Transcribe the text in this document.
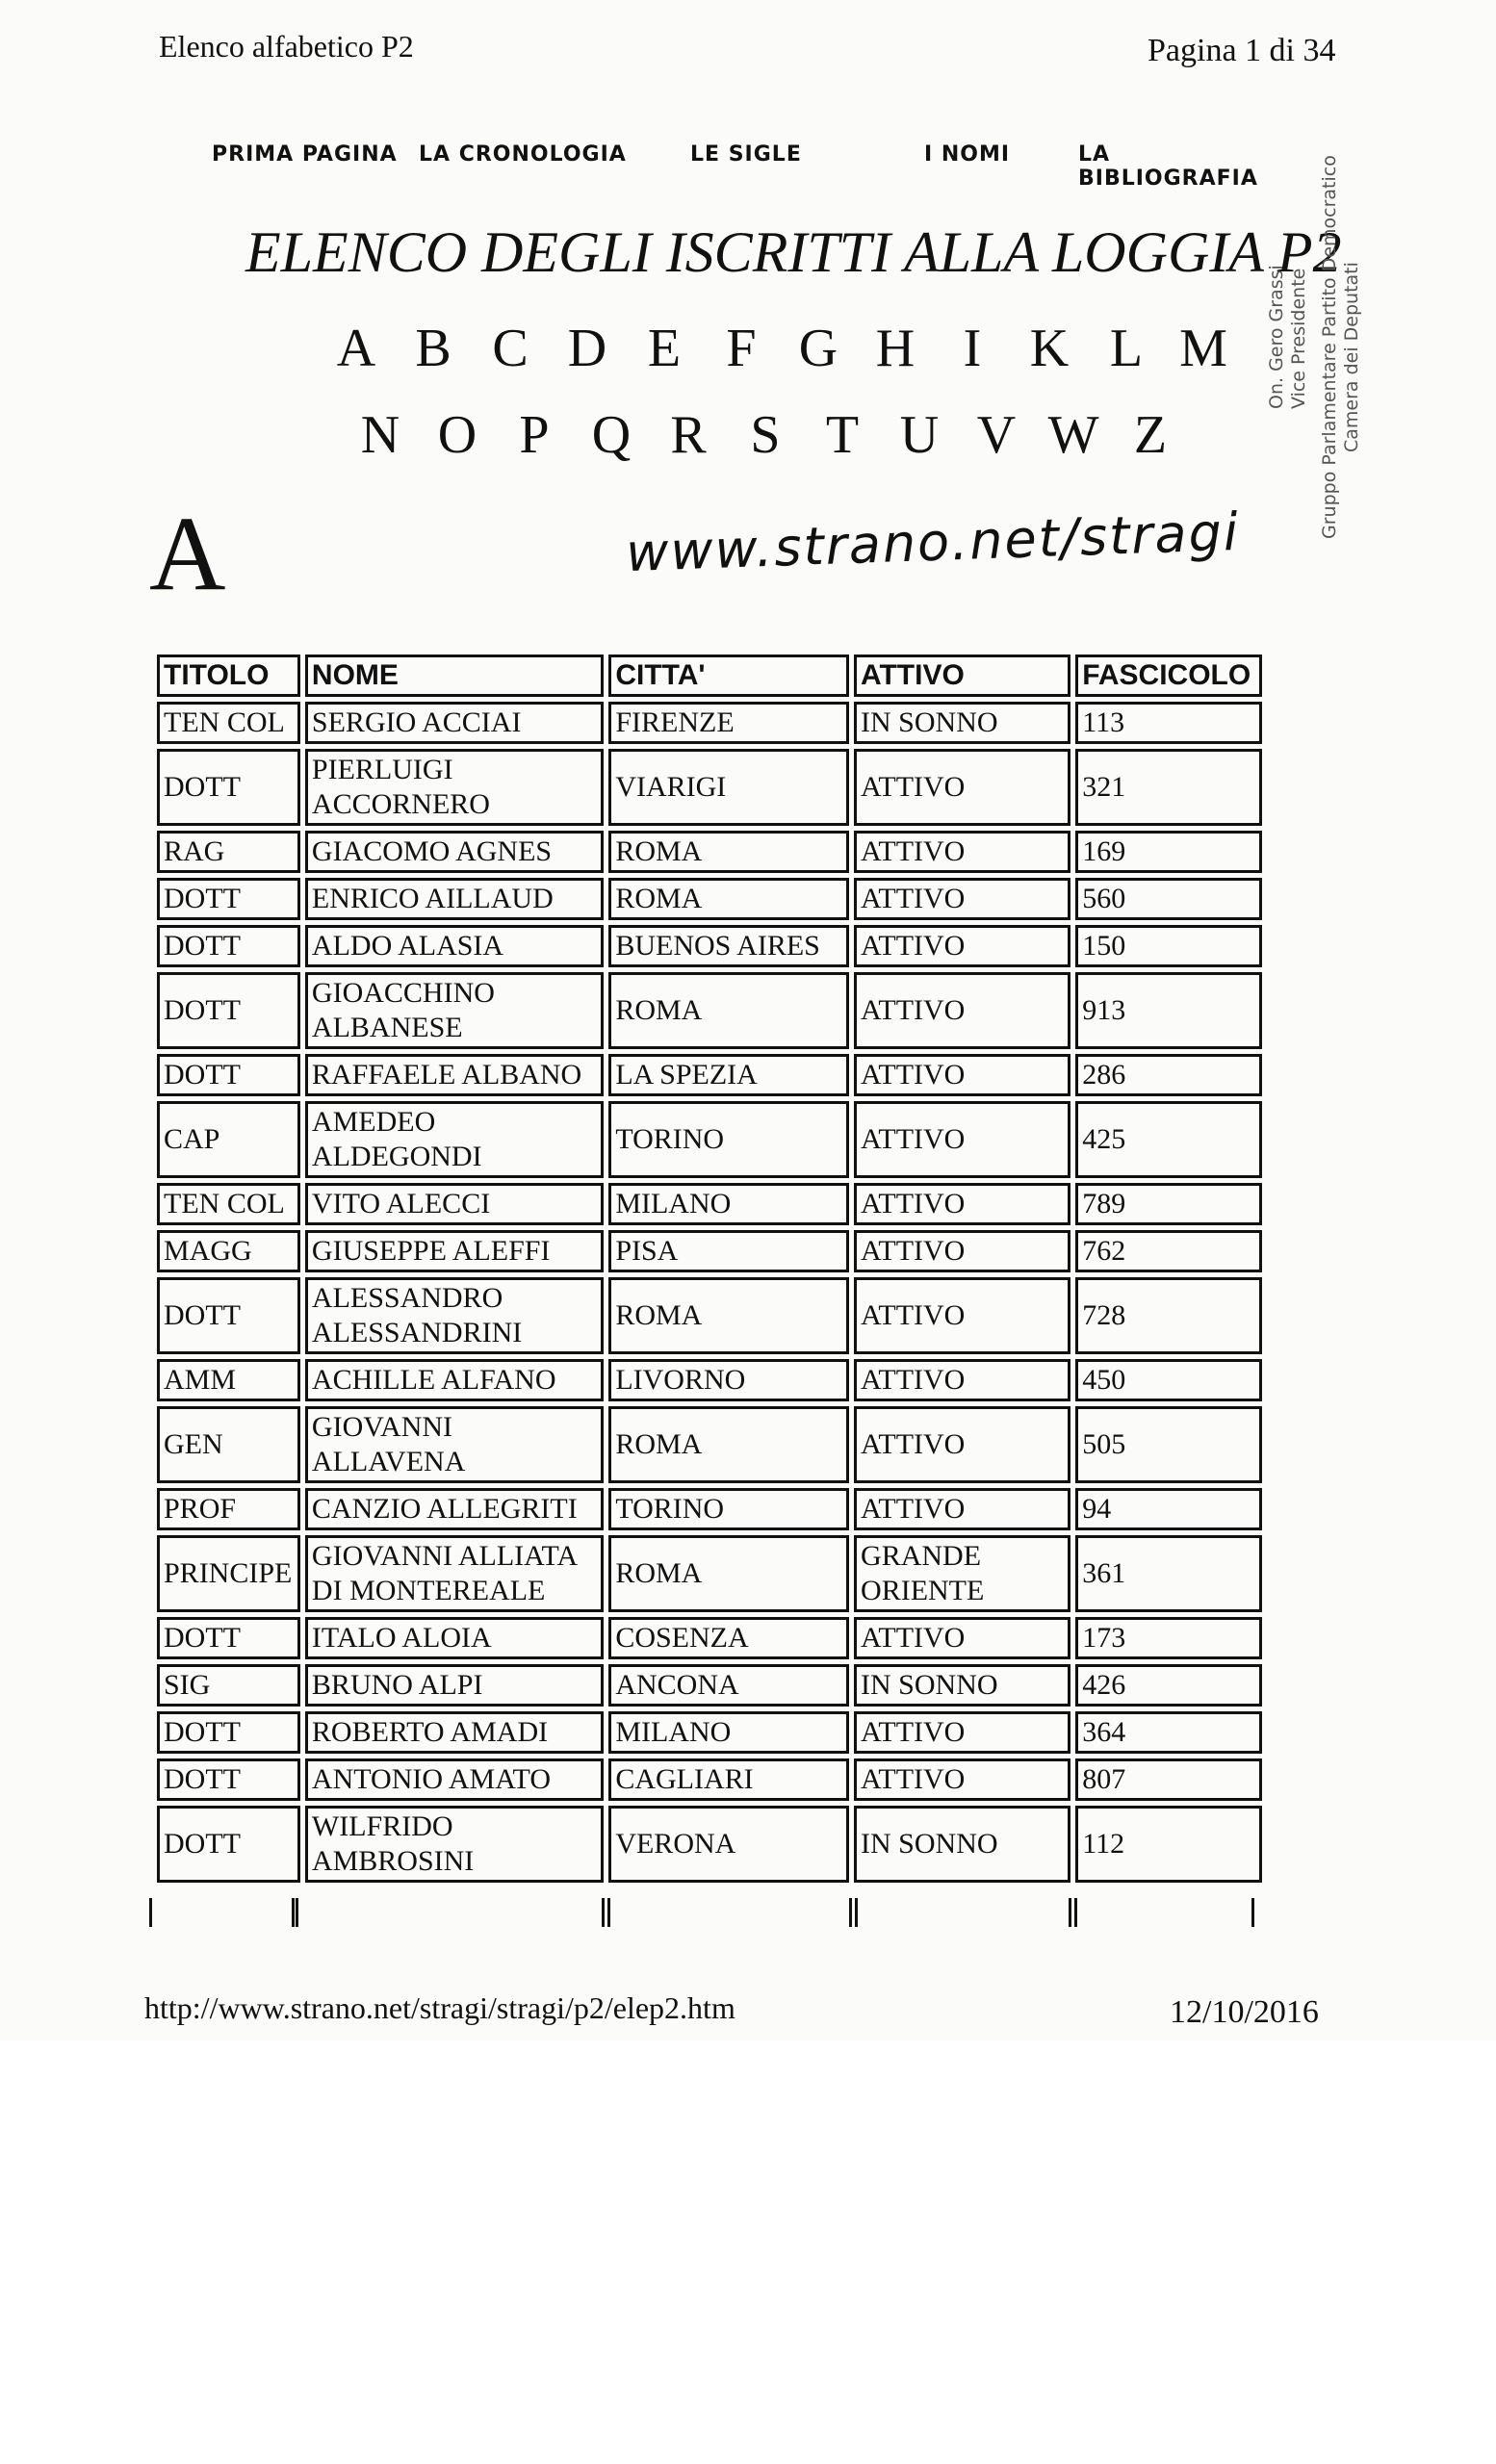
Elenco alfabetico P2	Pagina 1 di 34
PRIMA PAGINA LA CRONOLOGIA	LE SIGLE	I NOMI	LA BIBLIOGRAFIA
ELENCO DEGLI ISCRITTI ALLA LOGGIA P2
A B C D E F G H I K L M
N O P Q R S T U V W Z
A	www.strano.net/stragi
On. Gero Grassi Vice Presidente Gruppo Parlamentare Partito Democratico Camera dei Deputati
TITOLO	NOME	CITTA'	ATTIVO	FASCICOLO
TEN COL	SERGIO ACCIAI	FIRENZE	IN SONNO	113
DOTT	PIERLUIGI ACCORNERO	VIARIGI	ATTIVO	321
RAG	GIACOMO AGNES	ROMA	ATTIVO	169
DOTT	ENRICO AILLAUD	ROMA	ATTIVO	560
DOTT	ALDO ALASIA	BUENOS AIRES	ATTIVO	150
DOTT	GIOACCHINO ALBANESE	ROMA	ATTIVO	913
DOTT	RAFFAELE ALBANO	LA SPEZIA	ATTIVO	286
CAP	AMEDEO ALDEGONDI	TORINO	ATTIVO	425
TEN COL	VITO ALECCI	MILANO	ATTIVO	789
MAGG	GIUSEPPE ALEFFI	PISA	ATTIVO	762
DOTT	ALESSANDRO ALESSANDRINI	ROMA	ATTIVO	728
AMM	ACHILLE ALFANO	LIVORNO	ATTIVO	450
GEN	GIOVANNI ALLAVENA	ROMA	ATTIVO	505
PROF	CANZIO ALLEGRITI	TORINO	ATTIVO	94
PRINCIPE	GIOVANNI ALLIATA DI MONTEREALE	ROMA	GRANDE ORIENTE	361
DOTT	ITALO ALOIA	COSENZA	ATTIVO	173
SIG	BRUNO ALPI	ANCONA	IN SONNO	426
DOTT	ROBERTO AMADI	MILANO	ATTIVO	364
DOTT	ANTONIO AMATO	CAGLIARI	ATTIVO	807
DOTT	WILFRIDO AMBROSINI	VERONA	IN SONNO	112
http://www.strano.net/stragi/stragi/p2/elep2.htm	12/10/2016
